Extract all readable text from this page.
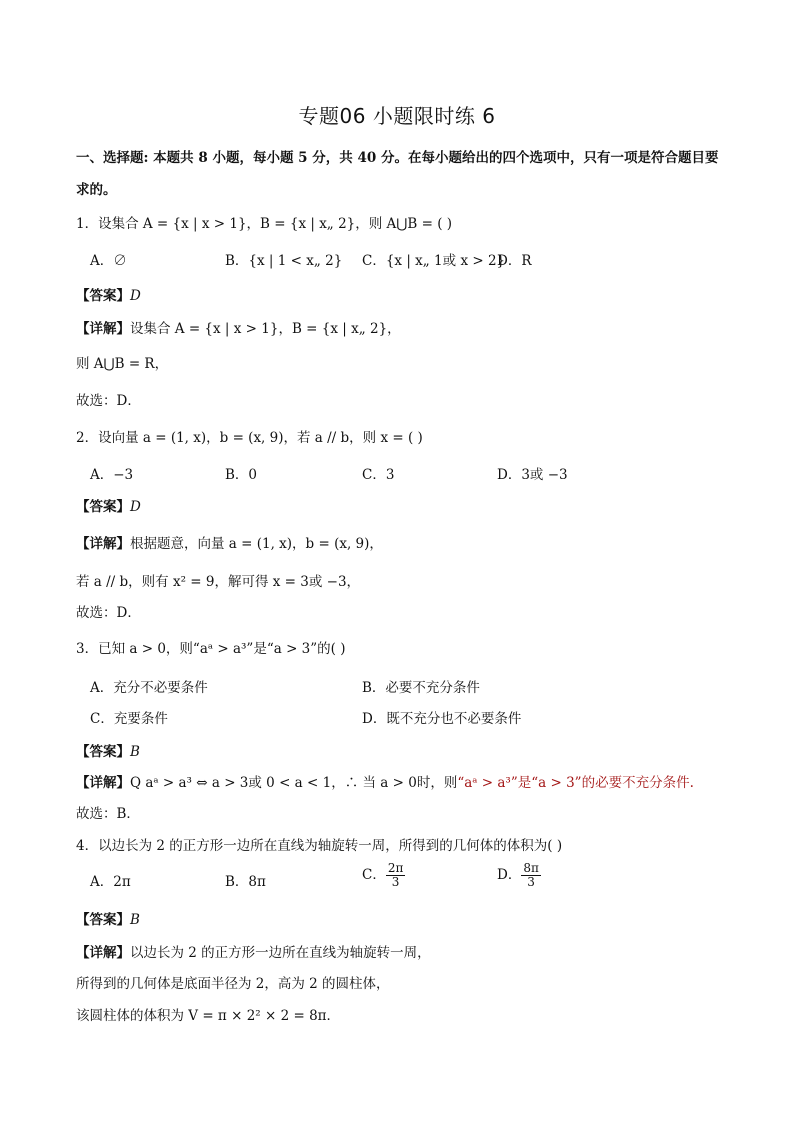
专题06 小题限时练 6
一、选择题: 本题共 8 小题，每小题 5 分，共 40 分。在每小题给出的四个选项中，只有一项是符合题目要
求的。
1．设集合 A = {x | x > 1}，B = {x | x„ 2}，则 A⋃B = ( )
A．∅	B．{x | 1 < x„ 2} C．{x | x„ 1或 x > 2}
D．R
【答案】D
【详解】设集合 A = {x | x > 1}，B = {x | x„ 2}，
则 A⋃B = R，
故选：D．
2．设向量 a = (1, x)，b = (x, 9)，若 a // b，则 x = ( )
A．−3	B．0	C．3	D．3或 −3
【答案】D
【详解】根据题意，向量 a = (1, x)，b = (x, 9)，
若 a // b，则有 x² = 9，解可得 x = 3或 −3，
故选：D．
3．已知 a > 0，则“aᵃ > a³”是“a > 3”的( )
A．充分不必要条件	B．必要不充分条件
C．充要条件	D．既不充分也不必要条件
【答案】B
【详解】Q aᵃ > a³ ⇔ a > 3或 0 < a < 1，∴ 当 a > 0时，则“aᵃ > a³”是“a > 3”的必要不充分条件.
故选：B．
4．以边长为 2 的正方形一边所在直线为轴旋转一周，所得到的几何体的体积为( )
A．2π	B．8π	C． $\frac{2\pi}{3}$	D． $\frac{8\pi}{3}$
【答案】B
【详解】以边长为 2 的正方形一边所在直线为轴旋转一周，
所得到的几何体是底面半径为 2，高为 2 的圆柱体，
该圆柱体的体积为 V = π × 2² × 2 = 8π．
